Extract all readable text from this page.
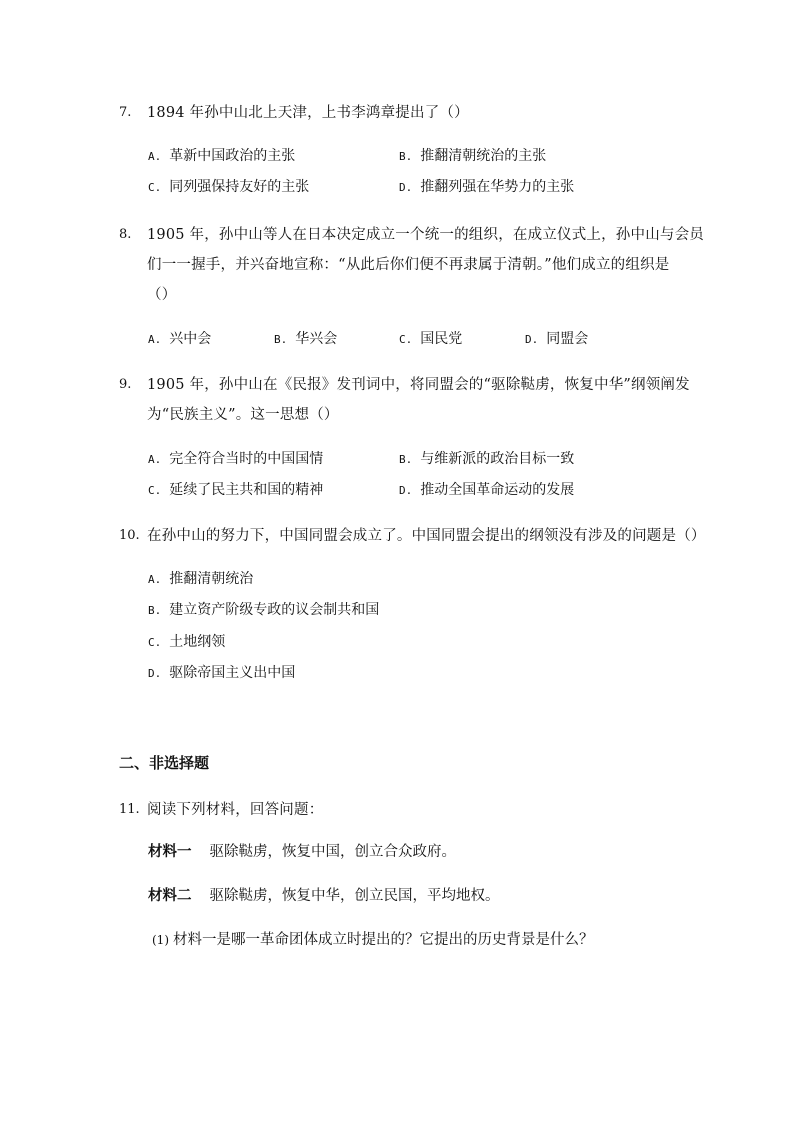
7. 1894 年孙中山北上天津，上书李鸿章提出了（）
A. 革新中国政治的主张	B. 推翻清朝统治的主张
C. 同列强保持友好的主张	D. 推翻列强在华势力的主张
8. 1905 年，孙中山等人在日本决定成立一个统一的组织，在成立仪式上，孙中山与会员
们一一握手，并兴奋地宣称：“从此后你们便不再隶属于清朝。”他们成立的组织是
（）
A. 兴中会	B. 华兴会	C. 国民党	D. 同盟会
9. 1905 年，孙中山在《民报》发刊词中，将同盟会的“驱除鞑虏，恢复中华”纲领阐发
为“民族主义”。这一思想（）
A. 完全符合当时的中国国情	B. 与维新派的政治目标一致
C. 延续了民主共和国的精神	D. 推动全国革命运动的发展
10. 在孙中山的努力下，中国同盟会成立了。中国同盟会提出的纲领没有涉及的问题是（）
A. 推翻清朝统治
B. 建立资产阶级专政的议会制共和国
C. 土地纲领
D. 驱除帝国主义出中国
二、非选择题
11. 阅读下列材料，回答问题：
材料一 驱除鞑虏，恢复中国，创立合众政府。
材料二 驱除鞑虏，恢复中华，创立民国，平均地权。
(1) 材料一是哪一革命团体成立时提出的？它提出的历史背景是什么？
